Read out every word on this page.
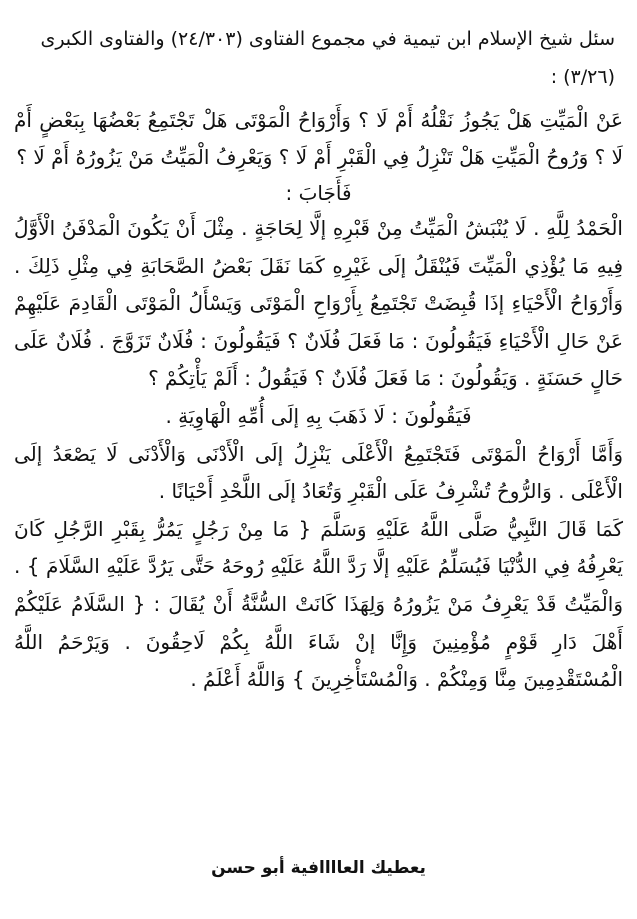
سئل شيخ الإسلام ابن تيمية في مجموع الفتاوى (٢٤/٣٠٣) والفتاوى الكبرى (٣/٢٦) :

عَنْ الْمَيِّتِ هَلْ يَجُوزُ نَقْلُهُ أَمْ لَا ؟ وَأَرْوَاحُ الْمَوْتَى هَلْ تَجْتَمِعُ بَعْضُهَا بِبَعْضٍ أَمْ لَا ؟ وَرُوحُ الْمَيِّتِ هَلْ تَنْزِلُ فِي الْقَبْرِ أَمْ لَا ؟ وَيَعْرِفُ الْمَيِّتُ مَنْ يَزُورُهُ أَمْ لَا ؟

فَأَجَابَ :

الْحَمْدُ لِلَّهِ . لَا يُنْبَشُ الْمَيِّتُ مِنْ قَبْرِهِ إلَّا لِحَاجَةٍ . مِثْلَ أَنْ يَكُونَ الْمَدْفَنُ الْأَوَّلُ فِيهِ مَا يُؤْذِي الْمَيِّتَ فَيُنْقَلُ إلَى غَيْرِهِ كَمَا نَقَلَ بَعْضُ الصَّحَابَةِ فِي مِثْلِ ذَلِكَ . وَأَرْوَاحُ الْأَحْيَاءِ إذَا قُبِضَتْ تَجْتَمِعُ بِأَرْوَاحِ الْمَوْتَى وَيَسْأَلُ الْمَوْتَى الْقَادِمَ عَلَيْهِمْ عَنْ حَالِ الْأَحْيَاءِ فَيَقُولُونَ : مَا فَعَلَ فُلَانٌ ؟ فَيَقُولُونَ : فُلَانٌ تَزَوَّجَ . فُلَانٌ عَلَى حَالٍ حَسَنَةٍ . وَيَقُولُونَ : مَا فَعَلَ فُلَانٌ ؟ فَيَقُولُ : أَلَمْ يَأْتِكُمْ ؟

فَيَقُولُونَ : لَا ذَهَبَ بِهِ إلَى أُمِّهِ الْهَاوِيَةِ .

وَأَمَّا أَرْوَاحُ الْمَوْتَى فَتَجْتَمِعُ الْأَعْلَى يَنْزِلُ إلَى الْأَدْنَى وَالْأَدْنَى لَا يَصْعَدُ إلَى الْأَعْلَى . وَالرُّوحُ تُشْرِفُ عَلَى الْقَبْرِ وَتُعَادُ إلَى اللَّحْدِ أَحْيَانًا .

كَمَا قَالَ النَّبِيُّ صَلَّى اللَّهُ عَلَيْهِ وَسَلَّمَ { مَا مِنْ رَجُلٍ يَمُرُّ بِقَبْرِ الرَّجُلِ كَانَ يَعْرِفُهُ فِي الدُّنْيَا فَيُسَلِّمُ عَلَيْهِ إلَّا رَدَّ اللَّهُ عَلَيْهِ رُوحَهُ حَتَّى يَرُدَّ عَلَيْهِ السَّلَامَ } . وَالْمَيِّتُ قَدْ يَعْرِفُ مَنْ يَزُورُهُ وَلِهَذَا كَانَتْ السُّنَّةُ أَنْ يُقَالَ : { السَّلَامُ عَلَيْكُمْ أَهْلَ دَارِ قَوْمٍ مُؤْمِنِينَ وَإِنَّا إنْ شَاءَ اللَّهُ بِكُمْ لَاحِقُونَ . وَيَرْحَمُ اللَّهُ الْمُسْتَقْدِمِينَ مِنَّا وَمِنْكُمْ . وَالْمُسْتَأْخِرِينَ } وَاللَّهُ أَعْلَمُ .

يعطيك العاااافية أبو حسن
